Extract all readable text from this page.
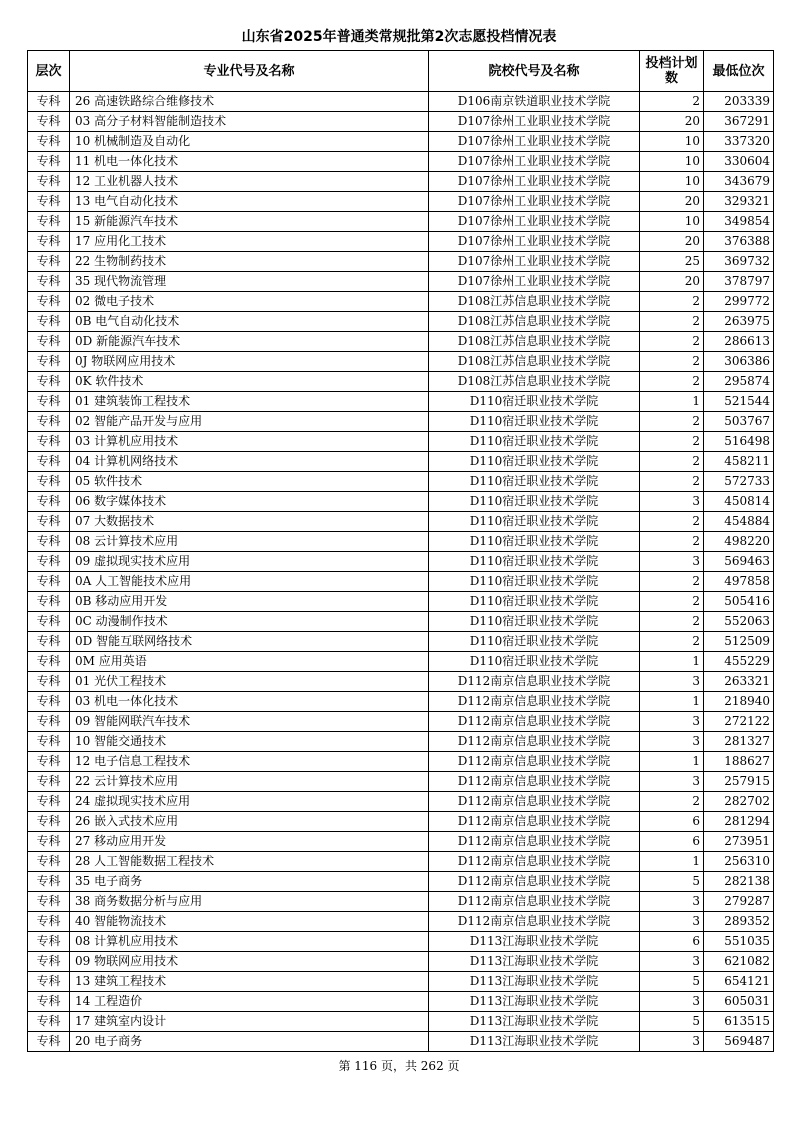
山东省2025年普通类常规批第2次志愿投档情况表
层次	专业代号及名称	院校代号及名称	投档计划数	最低位次
专科	26 高速铁路综合维修技术	D106南京铁道职业技术学院	2	203339
专科	03 高分子材料智能制造技术	D107徐州工业职业技术学院	20	367291
专科	10 机械制造及自动化	D107徐州工业职业技术学院	10	337320
专科	11 机电一体化技术	D107徐州工业职业技术学院	10	330604
专科	12 工业机器人技术	D107徐州工业职业技术学院	10	343679
专科	13 电气自动化技术	D107徐州工业职业技术学院	20	329321
专科	15 新能源汽车技术	D107徐州工业职业技术学院	10	349854
专科	17 应用化工技术	D107徐州工业职业技术学院	20	376388
专科	22 生物制药技术	D107徐州工业职业技术学院	25	369732
专科	35 现代物流管理	D107徐州工业职业技术学院	20	378797
专科	02 微电子技术	D108江苏信息职业技术学院	2	299772
专科	0B 电气自动化技术	D108江苏信息职业技术学院	2	263975
专科	0D 新能源汽车技术	D108江苏信息职业技术学院	2	286613
专科	0J 物联网应用技术	D108江苏信息职业技术学院	2	306386
专科	0K 软件技术	D108江苏信息职业技术学院	2	295874
专科	01 建筑装饰工程技术	D110宿迁职业技术学院	1	521544
专科	02 智能产品开发与应用	D110宿迁职业技术学院	2	503767
专科	03 计算机应用技术	D110宿迁职业技术学院	2	516498
专科	04 计算机网络技术	D110宿迁职业技术学院	2	458211
专科	05 软件技术	D110宿迁职业技术学院	2	572733
专科	06 数字媒体技术	D110宿迁职业技术学院	3	450814
专科	07 大数据技术	D110宿迁职业技术学院	2	454884
专科	08 云计算技术应用	D110宿迁职业技术学院	2	498220
专科	09 虚拟现实技术应用	D110宿迁职业技术学院	3	569463
专科	0A 人工智能技术应用	D110宿迁职业技术学院	2	497858
专科	0B 移动应用开发	D110宿迁职业技术学院	2	505416
专科	0C 动漫制作技术	D110宿迁职业技术学院	2	552063
专科	0D 智能互联网络技术	D110宿迁职业技术学院	2	512509
专科	0M 应用英语	D110宿迁职业技术学院	1	455229
专科	01 光伏工程技术	D112南京信息职业技术学院	3	263321
专科	03 机电一体化技术	D112南京信息职业技术学院	1	218940
专科	09 智能网联汽车技术	D112南京信息职业技术学院	3	272122
专科	10 智能交通技术	D112南京信息职业技术学院	3	281327
专科	12 电子信息工程技术	D112南京信息职业技术学院	1	188627
专科	22 云计算技术应用	D112南京信息职业技术学院	3	257915
专科	24 虚拟现实技术应用	D112南京信息职业技术学院	2	282702
专科	26 嵌入式技术应用	D112南京信息职业技术学院	6	281294
专科	27 移动应用开发	D112南京信息职业技术学院	6	273951
专科	28 人工智能数据工程技术	D112南京信息职业技术学院	1	256310
专科	35 电子商务	D112南京信息职业技术学院	5	282138
专科	38 商务数据分析与应用	D112南京信息职业技术学院	3	279287
专科	40 智能物流技术	D112南京信息职业技术学院	3	289352
专科	08 计算机应用技术	D113江海职业技术学院	6	551035
专科	09 物联网应用技术	D113江海职业技术学院	3	621082
专科	13 建筑工程技术	D113江海职业技术学院	5	654121
专科	14 工程造价	D113江海职业技术学院	3	605031
专科	17 建筑室内设计	D113江海职业技术学院	5	613515
专科	20 电子商务	D113江海职业技术学院	3	569487
第 116 页，共 262 页
